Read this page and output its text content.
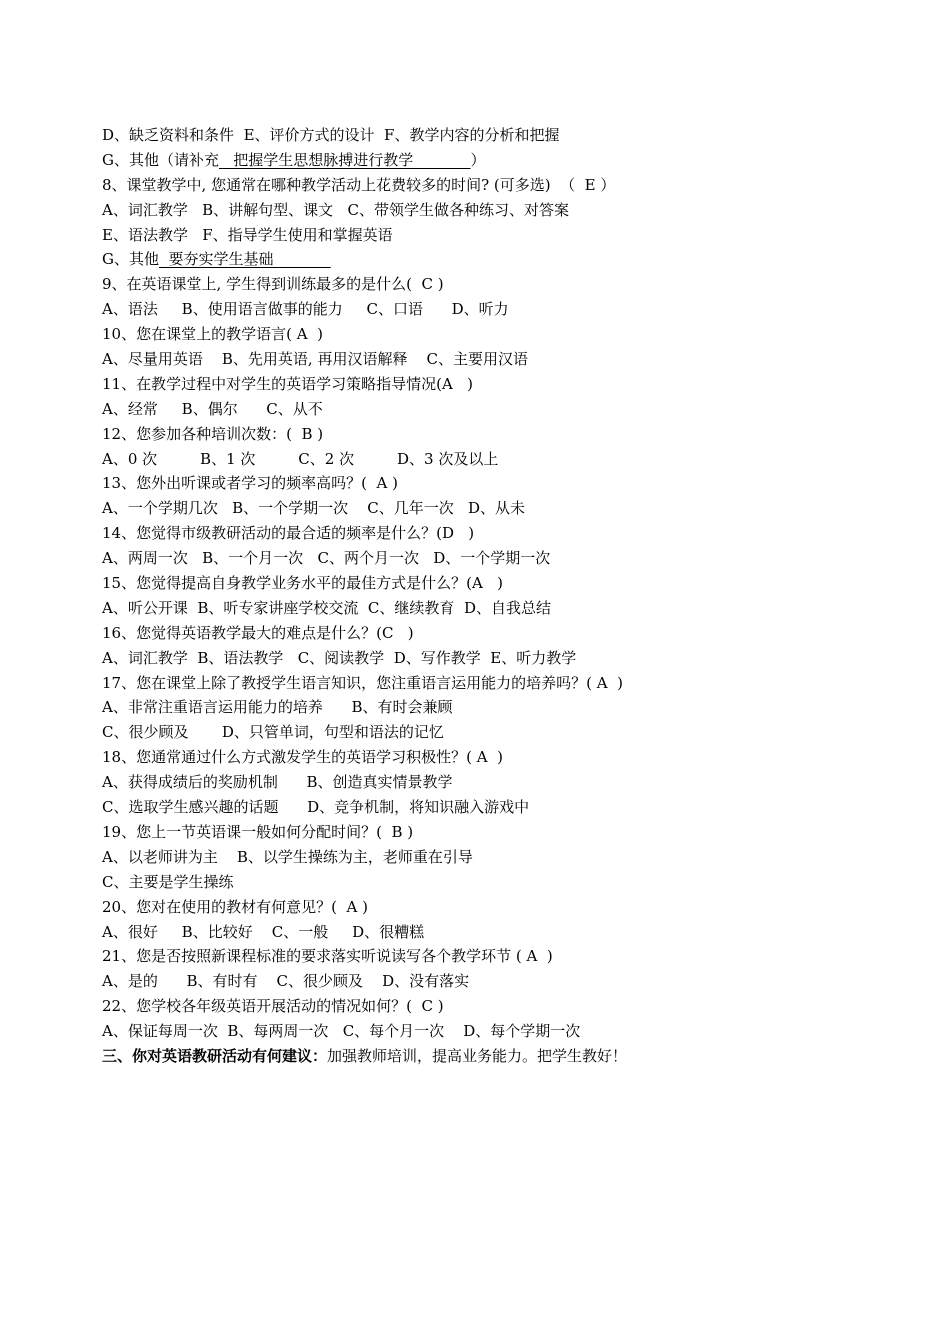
D、缺乏资料和条件  E、评价方式的设计  F、教学内容的分析和把握
G、其他（请补充   把握学生思想脉搏进行教学            ）
8、课堂教学中, 您通常在哪种教学活动上花费较多的时间? (可多选)  （  E ）
A、词汇教学   B、讲解句型、课文   C、带领学生做各种练习、对答案
E、语法教学   F、指导学生使用和掌握英语
G、其他  要夯实学生基础
9、在英语课堂上, 学生得到训练最多的是什么(  C )
A、语法     B、使用语言做事的能力     C、口语      D、听力
10、您在课堂上的教学语言( A  )
A、尽量用英语    B、先用英语, 再用汉语解释    C、主要用汉语
11、在教学过程中对学生的英语学习策略指导情况(A   )
A、经常     B、偶尔      C、从不
12、您参加各种培训次数：(  B )
A、0 次         B、1 次         C、2 次         D、3 次及以上
13、您外出听课或者学习的频率高吗？(  A )
A、一个学期几次   B、一个学期一次    C、几年一次   D、从未
14、您觉得市级教研活动的最合适的频率是什么？(D   )
A、两周一次   B、一个月一次   C、两个月一次   D、一个学期一次
15、您觉得提高自身教学业务水平的最佳方式是什么？(A   )
A、听公开课  B、听专家讲座学校交流  C、继续教育  D、自我总结
16、您觉得英语教学最大的难点是什么？(C   )
A、词汇教学  B、语法教学   C、阅读教学  D、写作教学  E、听力教学
17、您在课堂上除了教授学生语言知识，您注重语言运用能力的培养吗？( A  )
A、非常注重语言运用能力的培养      B、有时会兼顾
C、很少顾及       D、只管单词，句型和语法的记忆
18、您通常通过什么方式激发学生的英语学习积极性？( A  )
A、获得成绩后的奖励机制      B、创造真实情景教学
C、选取学生感兴趣的话题      D、竞争机制，将知识融入游戏中
19、您上一节英语课一般如何分配时间？(  B )
A、以老师讲为主    B、以学生操练为主，老师重在引导
C、主要是学生操练
20、您对在使用的教材有何意见？(  A )
A、很好     B、比较好    C、一般     D、很糟糕
21、您是否按照新课程标准的要求落实听说读写各个教学环节 ( A  )
A、是的      B、有时有    C、很少顾及    D、没有落实
22、您学校各年级英语开展活动的情况如何？(  C )
A、保证每周一次  B、每两周一次   C、每个月一次    D、每个学期一次
三、你对英语教研活动有何建议：加强教师培训，提高业务能力。把学生教好！
